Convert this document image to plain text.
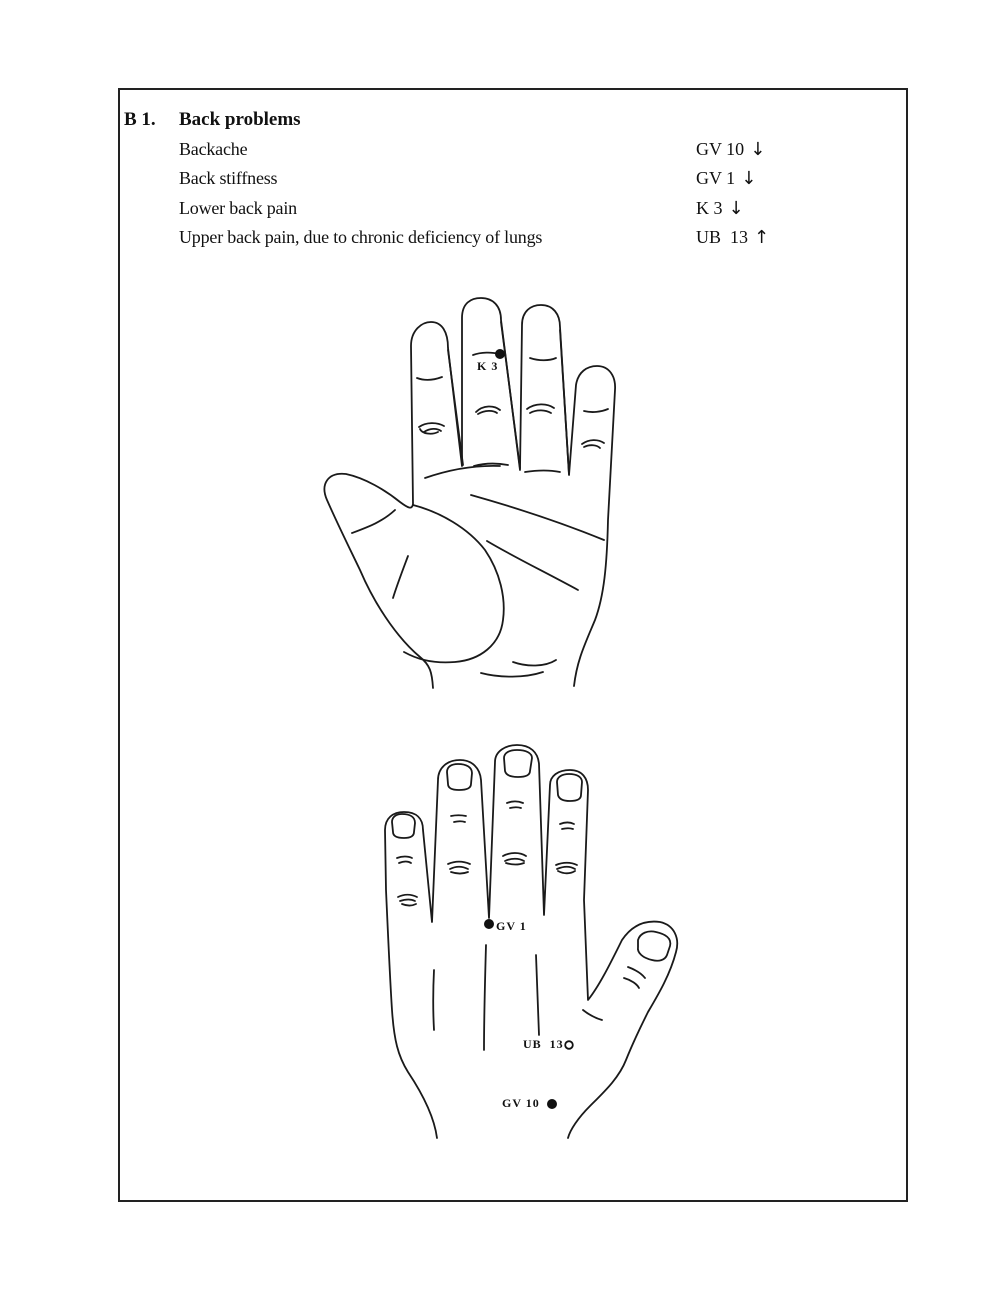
B 1. Back problems
Backache	GV 10 ↓
Back stiffness	GV 1 ↓
Lower back pain	K 3 ↓
Upper back pain, due to chronic deficiency of lungs	UB  13 ↑
K 3
GV 1
UB  13
GV 10
